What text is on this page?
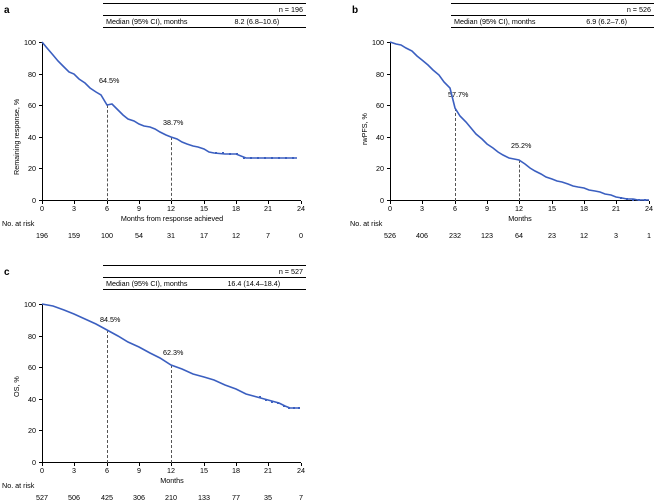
a
		n = 196
Median (95% CI), months	8.2 (6.8–10.6)
0
20
40
60
80
100
0	3	6	9	12	15	18	21	24
Months from response achieved
Remaining response, %
64.5%
38.7%
No. at risk
196	159	100	54	31	17	12	7	0
b
		n = 526
Median (95% CI), months	6.9 (6.2–7.6)
0
20
40
60
80
100
0	3	6	9	12	15	18	21	24
Months
rwPFS, %
57.7%
25.2%
No. at risk
526	406	232	123	64	23	12	3	1
c
		n = 527
Median (95% CI), months	16.4 (14.4–18.4)
0
20
40
60
80
100
0	3	6	9	12	15	18	21	24
Months
OS, %
84.5%
62.3%
No. at risk
527	506	425	306	210	133	77	35	7
